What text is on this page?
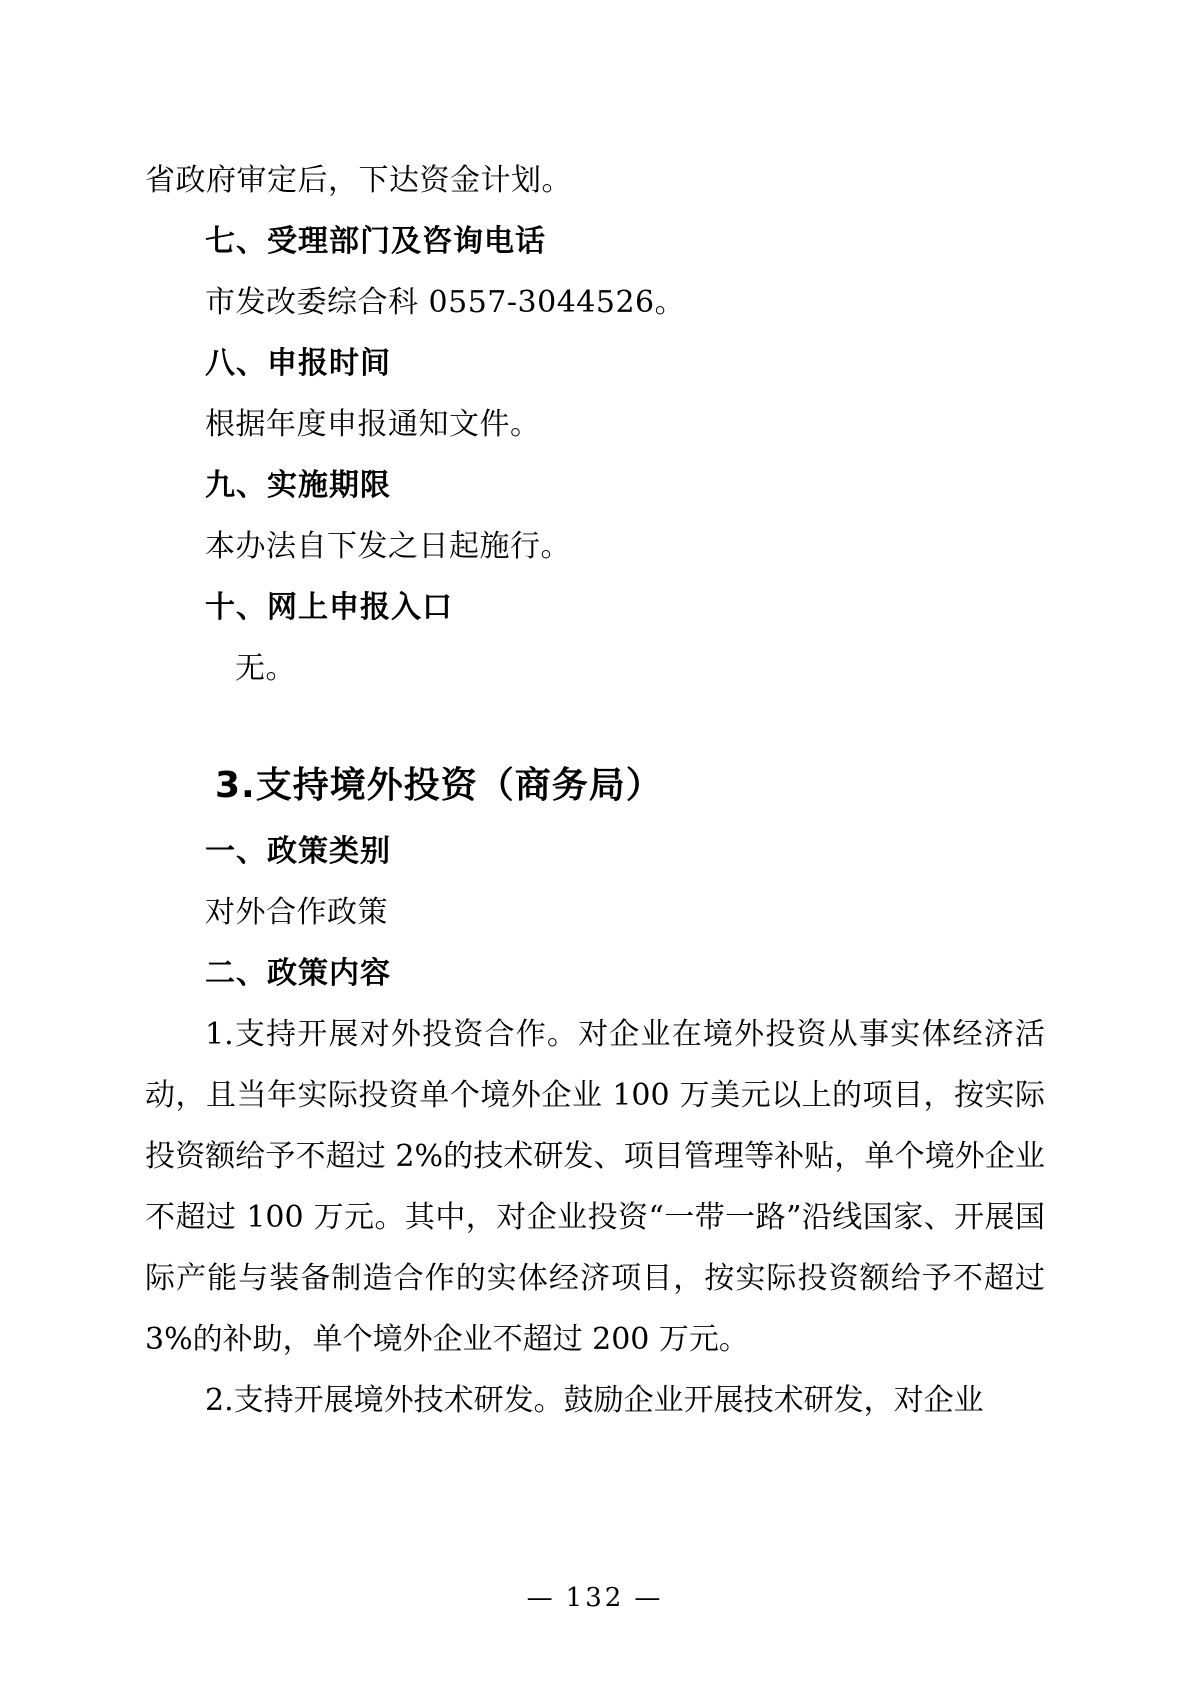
省政府审定后，下达资金计划。

七、受理部门及咨询电话

市发改委综合科 0557-3044526。

八、申报时间

根据年度申报通知文件。

九、实施期限

本办法自下发之日起施行。

十、网上申报入口

无。

3.支持境外投资（商务局）

一、政策类别

对外合作政策

二、政策内容

1.支持开展对外投资合作。对企业在境外投资从事实体经济活动，且当年实际投资单个境外企业 100 万美元以上的项目，按实际投资额给予不超过 2%的技术研发、项目管理等补贴，单个境外企业不超过 100 万元。其中，对企业投资“一带一路”沿线国家、开展国际产能与装备制造合作的实体经济项目，按实际投资额给予不超过 3%的补助，单个境外企业不超过 200 万元。

2.支持开展境外技术研发。鼓励企业开展技术研发，对企业

— 132 —
